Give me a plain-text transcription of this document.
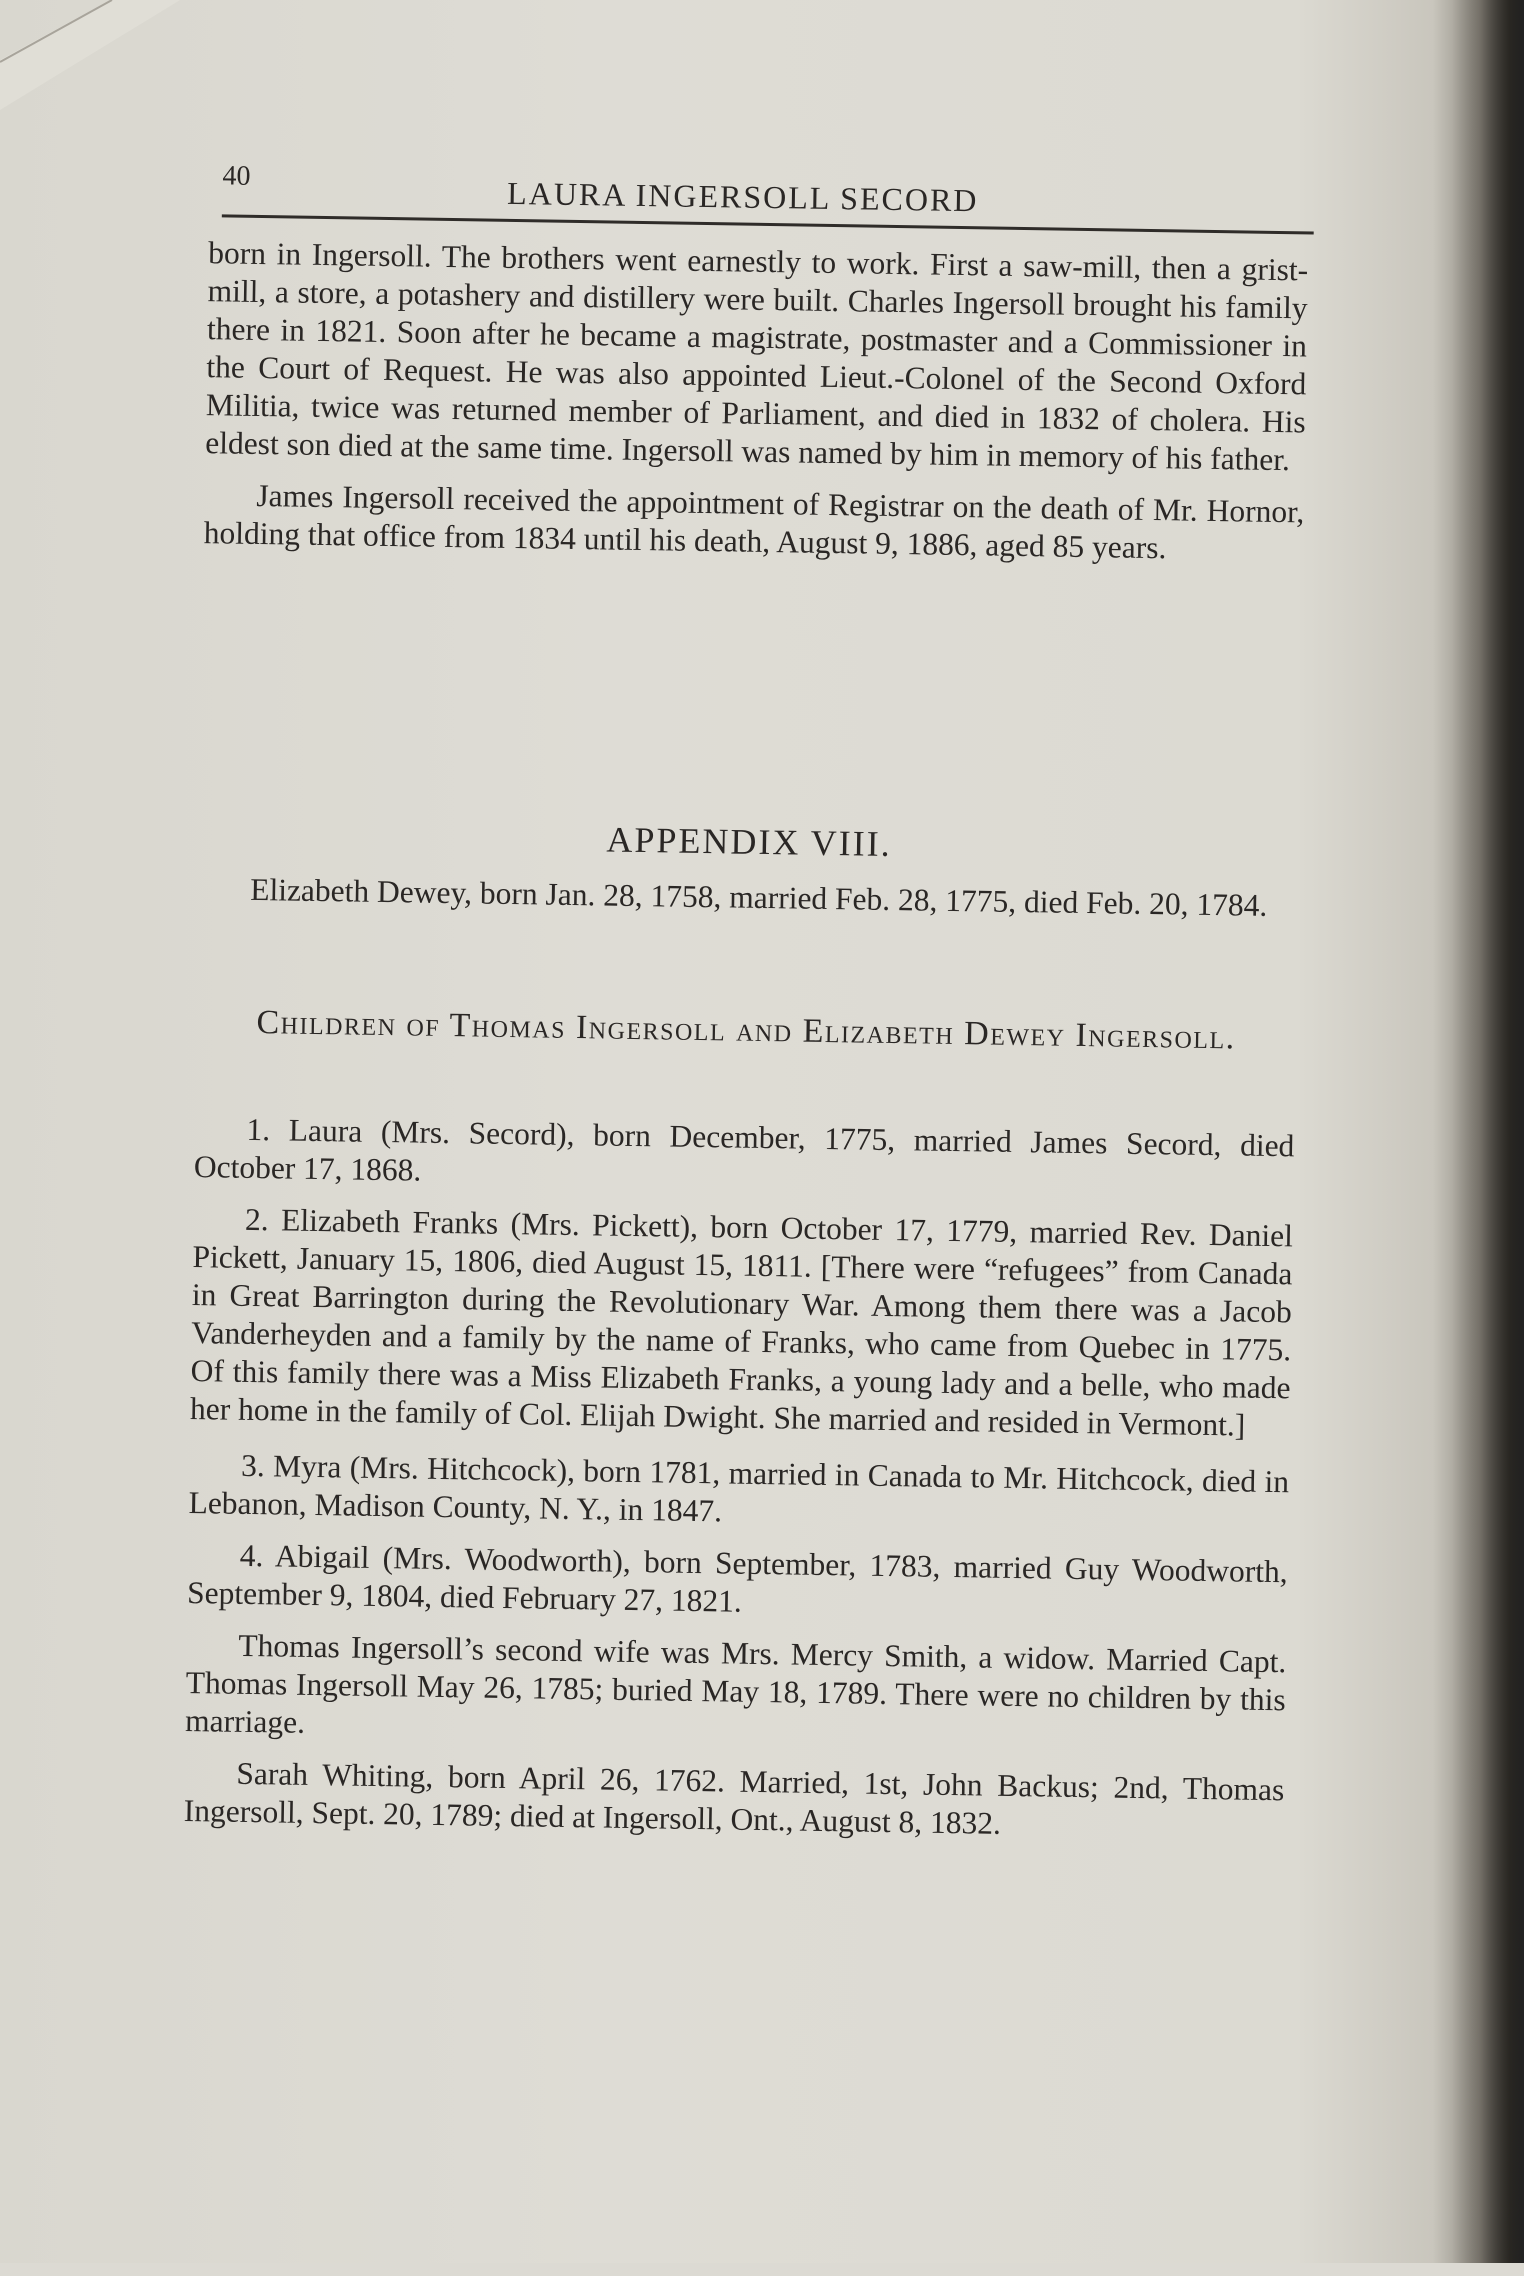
40	LAURA INGERSOLL SECORD

born in Ingersoll. The brothers went earnestly to work. First a saw-mill, then a grist-mill, a store, a potashery and distillery were built. Charles Ingersoll brought his family there in 1821. Soon after he became a magistrate, postmaster and a Commissioner in the Court of Request. He was also appointed Lieut.-Colonel of the Second Oxford Militia, twice was returned member of Parliament, and died in 1832 of cholera. His eldest son died at the same time. Ingersoll was named by him in memory of his father.

James Ingersoll received the appointment of Registrar on the death of Mr. Hornor, holding that office from 1834 until his death, August 9, 1886, aged 85 years.

APPENDIX VIII.

Elizabeth Dewey, born Jan. 28, 1758, married Feb. 28, 1775, died Feb. 20, 1784.

Children of Thomas Ingersoll and Elizabeth Dewey Ingersoll.

1. Laura (Mrs. Secord), born December, 1775, married James Secord, died October 17, 1868.

2. Elizabeth Franks (Mrs. Pickett), born October 17, 1779, married Rev. Daniel Pickett, January 15, 1806, died August 15, 1811. [There were “refugees” from Canada in Great Barrington during the Revolutionary War. Among them there was a Jacob Vanderheyden and a family by the name of Franks, who came from Quebec in 1775. Of this family there was a Miss Elizabeth Franks, a young lady and a belle, who made her home in the family of Col. Elijah Dwight. She married and resided in Vermont.]

3. Myra (Mrs. Hitchcock), born 1781, married in Canada to Mr. Hitchcock, died in Lebanon, Madison County, N. Y., in 1847.

4. Abigail (Mrs. Woodworth), born September, 1783, married Guy Woodworth, September 9, 1804, died February 27, 1821.

Thomas Ingersoll’s second wife was Mrs. Mercy Smith, a widow. Married Capt. Thomas Ingersoll May 26, 1785; buried May 18, 1789. There were no children by this marriage.

Sarah Whiting, born April 26, 1762. Married, 1st, John Backus; 2nd, Thomas Ingersoll, Sept. 20, 1789; died at Ingersoll, Ont., August 8, 1832.
